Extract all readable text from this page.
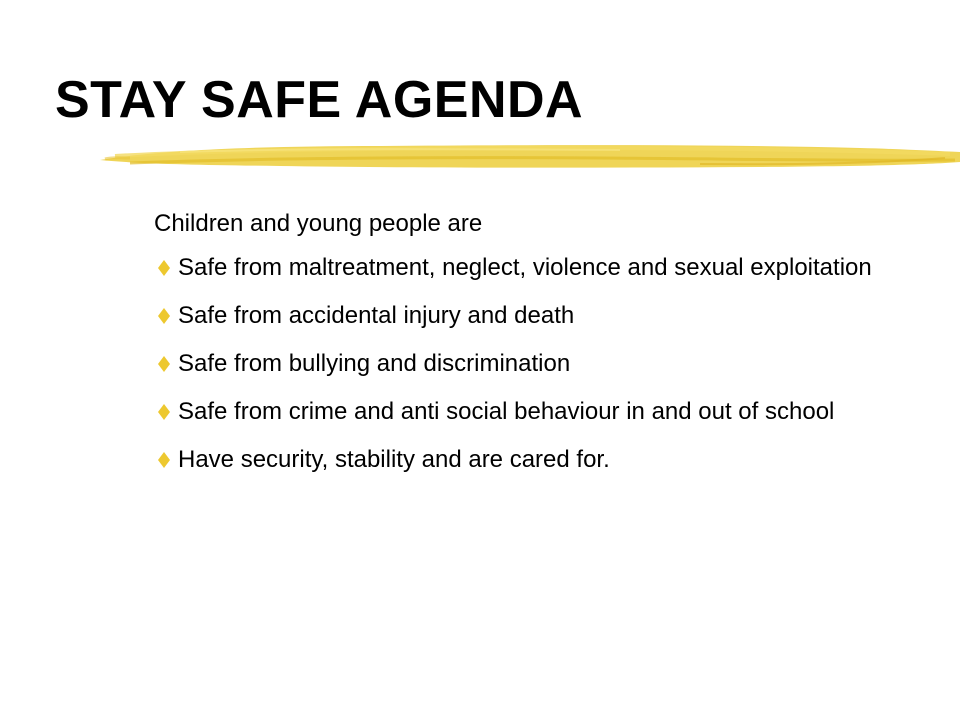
STAY SAFE AGENDA

Children and young people are

Safe from maltreatment, neglect, violence and sexual exploitation
Safe from accidental injury and death
Safe from bullying and discrimination
Safe from crime and anti social behaviour in and out of school
Have security, stability and are cared for.
